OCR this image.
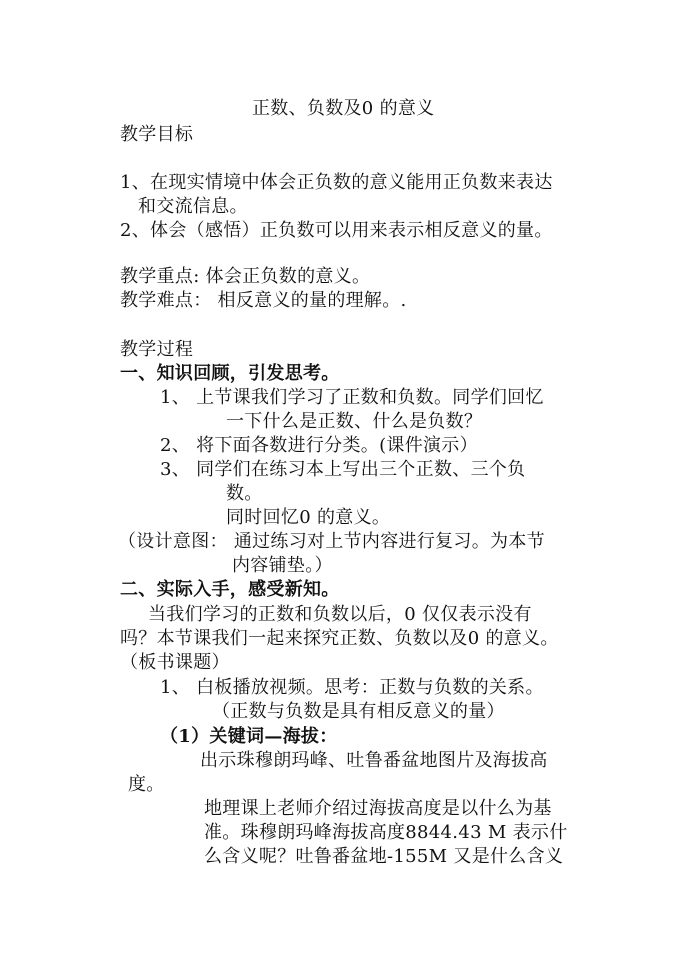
正数、负数及0 的意义
教学目标
1、在现实情境中体会正负数的意义能用正负数来表达
和交流信息。
2、体会（感悟）正负数可以用来表示相反意义的量。
教学重点: 体会正负数的意义。
教学难点： 相反意义的量的理解。.
教学过程
一、知识回顾，引发思考。
1、 上节课我们学习了正数和负数。同学们回忆
一下什么是正数、什么是负数？
2、 将下面各数进行分类。(课件演示）
3、 同学们在练习本上写出三个正数、三个负
数。
同时回忆0 的意义。
（设计意图： 通过练习对上节内容进行复习。为本节
内容铺垫。）
二、实际入手，感受新知。
当我们学习的正数和负数以后，0 仅仅表示没有
吗？本节课我们一起来探究正数、负数以及0 的意义。
（板书课题）
1、 白板播放视频。思考：正数与负数的关系。
（正数与负数是具有相反意义的量）
（1）关键词—海拔：
出示珠穆朗玛峰、吐鲁番盆地图片及海拔高
度。
地理课上老师介绍过海拔高度是以什么为基
准。珠穆朗玛峰海拔高度8844.43 M 表示什
么含义呢？吐鲁番盆地-155M 又是什么含义
